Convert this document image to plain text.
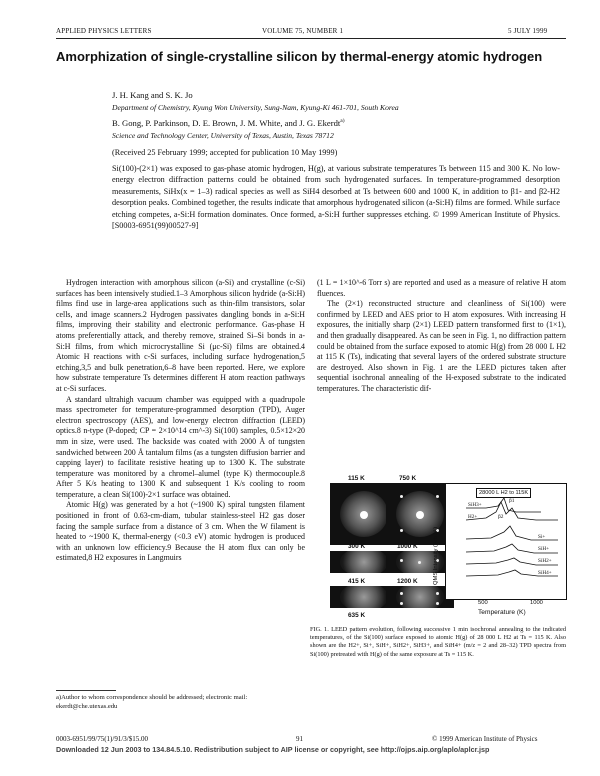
APPLIED PHYSICS LETTERS	VOLUME 75, NUMBER 1	5 JULY 1999
Amorphization of single-crystalline silicon by thermal-energy atomic hydrogen
J. H. Kang and S. K. Jo
Department of Chemistry, Kyung Won University, Sung-Nam, Kyung-Ki 461-701, South Korea
B. Gong, P. Parkinson, D. E. Brown, J. M. White, and J. G. Ekerdt$^{a)}$
Science and Technology Center, University of Texas, Austin, Texas 78712
(Received 25 February 1999; accepted for publication 10 May 1999)

Si(100)-(2×1) was exposed to gas-phase atomic hydrogen, H(g), at various substrate temperatures Ts between 115 and 300 K. No low-energy electron diffraction patterns could be obtained from such hydrogenated surfaces. In temperature-programmed desorption measurements, SiHx(x = 1–3) radical species as well as SiH4 desorbed at Ts between 600 and 1000 K, in addition to β1- and β2-H2 desorption peaks. Combined together, the results indicate that amorphous hydrogenated silicon (a-Si:H) films are formed. While surface etching competes, a-Si:H formation dominates. Once formed, a-Si:H further suppresses etching. © 1999 American Institute of Physics. [S0003-6951(99)00527-9]

Hydrogen interaction with amorphous silicon (a-Si) and crystalline (c-Si) surfaces has been intensively studied.1–3 Amorphous silicon hydride (a-Si:H) films find use in large-area applications such as thin-film transistors, solar cells, and image scanners.2 Hydrogen passivates dangling bonds in a-Si:H films, improving their stability and electronic performance. Gas-phase H atoms preferentially attack, and thereby remove, strained Si–Si bonds in a-Si:H films, from which microcrystalline Si (μc-Si) films are obtained.4 Atomic H reactions with c-Si surfaces, including surface hydrogenation,5 etching,3,5 and bulk penetration,6–8 have been reported. Here, we explore how substrate temperature Ts determines different H atom reaction pathways at c-Si surfaces.

A standard ultrahigh vacuum chamber was equipped with a quadrupole mass spectrometer for temperature-programmed desorption (TPD), Auger electron spectroscopy (AES), and low-energy electron diffraction (LEED) optics.8 n-type (P-doped; CP = 2×10^14 cm^-3) Si(100) samples, 0.5×12×20 mm in size, were used. The backside was coated with 2000 Å of tungsten sandwiched between 200 Å tantalum films (as a tungsten diffusion barrier and capping layer) to facilitate resistive heating up to 1300 K. The substrate temperature was monitored by a chromel–alumel (type K) thermocouple.8 After 5 K/s heating to 1300 K and subsequent 1 K/s cooling to room temperature, a clean Si(100)-2×1 surface was obtained.

Atomic H(g) was generated by a hot (~1900 K) spiral tungsten filament positioned in front of 0.63-cm-diam, tubular stainless-steel H2 gas doser facing the sample surface from a distance of 3 cm. When the W filament is heated to ~1900 K, thermal-energy (<0.3 eV) atomic hydrogen is produced with an unknown low efficiency.9 Because the H atom flux can only be estimated,8 H2 exposures in Langmuirs

a)Author to whom correspondence should be addressed; electronic mail: ekerdt@che.utexas.edu

(1 L = 1×10^-6 Torr s) are reported and used as a measure of relative H atom fluences.

The (2×1) reconstructed structure and cleanliness of Si(100) were confirmed by LEED and AES prior to H atom exposures. With increasing H exposures, the initially sharp (2×1) LEED pattern transformed first to (1×1), and then gradually disappeared. As can be seen in Fig. 1, no diffraction pattern could be obtained from the surface exposed to atomic H(g) from 28 000 L H2 at 115 K (Ts), indicating that several layers of the ordered substrate structure are destroyed. Also shown in Fig. 1 are the LEED pictures taken after sequential isochronal annealing of the H-exposed substrate to the indicated temperatures. The characteristic dif-

115 K	750 K
300 K	1000 K
415 K	1200 K
635 K
28000 L H2 to 115K
β1
β2
SiH3+
H2+
Si+
SiH+
SiH2+
SiH4+
500	1000
Temperature (K)
FIG. 1. LEED pattern evolution, following successive 1 min isochronal annealing to the indicated temperatures, of the Si(100) surface exposed to atomic H(g) of 28 000 L H2 at Ts = 115 K. Also shown are the H2+, Si+, SiH+, SiH2+, SiH3+, and SiH4+ (m/z = 2 and 28–32) TPD spectra from Si(100) pretreated with H(g) of the same exposure at Ts = 115 K.
0003-6951/99/75(1)/91/3/$15.00	91	© 1999 American Institute of Physics
Downloaded 12 Jun 2003 to 134.84.5.10. Redistribution subject to AIP license or copyright, see http://ojps.aip.org/aplo/aplcr.jsp
